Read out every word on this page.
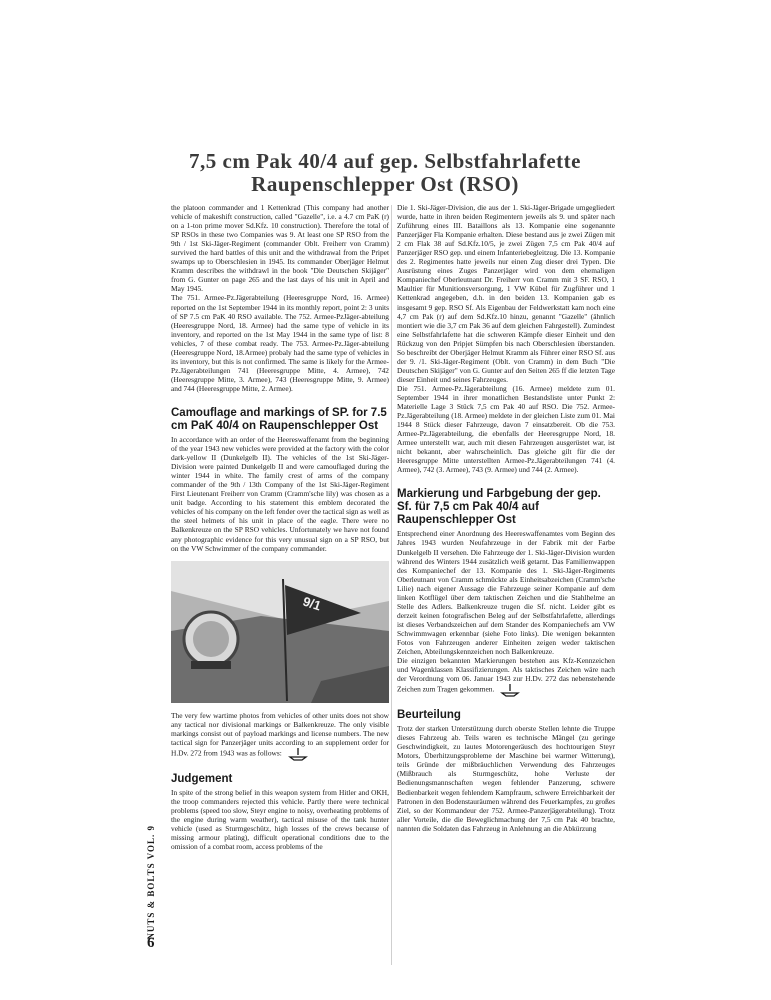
7,5 cm Pak 40/4 auf gep. Selbstfahrlafette
Raupenschlepper Ost (RSO)

the platoon commander and 1 Kettenkrad (This company had another vehicle of makeshift construction, called "Gazelle", i.e. a 4.7 cm PaK (r) on a 1-ton prime mover Sd.Kfz. 10 construction). Therefore the total of SP RSOs in these two Companies was 9. At least one SP RSO from the 9th / 1st Ski-Jäger-Regiment (commander Oblt. Freiherr von Cramm) survived the hard battles of this unit and the withdrawal from the Pripet swamps up to Oberschlesien in 1945. Its commander Oberjäger Helmut Kramm describes the withdrawl in the book "Die Deutschen Skijäger" from G. Gunter on page 265 and the last days of his unit in April and May 1945.

The 751. Armee-Pz.Jägerabteilung (Heeresgruppe Nord, 16. Armee) reported on the 1st September 1944 in its monthly report, point 2: 3 units of SP 7.5 cm PaK 40 RSO available. The 752. Armee-PzJäger-abteilung (Heeresgruppe Nord, 18. Armee) had the same type of vehicle in its inventory, and reported on the 1st May 1944 in the same type of list: 8 vehicles, 7 of these combat ready. The 753. Armee-Pz.Jäger-abteilung (Heeresgruppe Nord, 18.Armee) probaly had the same type of vehicles in its inventory, but this is not confirmed. The same is likely for the Armee-Pz.Jägerabteilungen 741 (Heeresgruppe Mitte, 4. Armee), 742 (Heeresgruppe Mitte, 3. Armee), 743 (Heeresgruppe Mitte, 9. Armee) and 744 (Heeresgruppe Mitte, 2. Armee).

Camouflage and markings of SP. for 7.5 cm PaK 40/4 on Raupenschlepper Ost

In accordance with an order of the Heereswaffenamt from the beginning of the year 1943 new vehicles were provided at the factory with the color dark-yellow II (Dunkelgelb II). The vehicles of the 1st Ski-Jäger-Division were painted Dunkelgelb II and were camouflaged during the winter 1944 in white. The family crest of arms of the company commander of the 9th / 13th Company of the 1st Ski-Jäger-Regiment First Lieutenant Freiherr von Cramm (Cramm'sche lily) was chosen as a unit badge. According to his statement this emblem decorated the vehicles of his company on the left fender over the tactical sign as well as the steel helmets of his unit in place of the eagle. There were no Balkenkreuze on the SP RSO vehicles. Unfortunately we have not found any photographic evidence for this very unusual sign on a SP RSO, but on the VW Schwimmer of the company commander.

9/1

The very few wartime photos from vehicles of other units does not show any tactical nor divisional markings or Balkenkreuze. The only visible markings consist out of payload markings and license numbers. The new tactical sign for Panzerjäger units according to an supplement order for H.Dv. 272 from 1943 was as follows:

Judgement

In spite of the strong belief in this weapon system from Hitler and OKH, the troop commanders rejected this vehicle. Partly there were technical problems (speed too slow, Steyr engine to noisy, overheating problems of the engine during warm weather), tactical misuse of the tank hunter vehicle (used as Sturmgeschütz, high losses of the crews because of missing armour plating), difficult operational conditions due to the omission of a combat room, access problems of the

Die 1. Ski-Jäger-Division, die aus der 1. Ski-Jäger-Brigade umgegliedert wurde, hatte in ihren beiden Regimentern jeweils als 9. und später nach Zuführung eines III. Bataillons als 13. Kompanie eine sogenannte Panzerjäger Fla Kompanie erhalten. Diese bestand aus je zwei Zügen mit 2 cm Flak 38 auf Sd.Kfz.10/5, je zwei Zügen 7,5 cm Pak 40/4 auf Panzerjäger RSO gep. und einem Infanteriebegleitzug. Die 13. Kompanie des 2. Regimentes hatte jeweils nur einen Zug dieser drei Typen. Die Ausrüstung eines Zuges Panzerjäger wird von dem ehemaligen Kompaniechef Oberleutnant Dr. Freiherr von Cramm mit 3 SF. RSO, 1 Maultier für Munitionsversorgung, 1 VW Kübel für Zugführer und 1 Kettenkrad angegeben, d.h. in den beiden 13. Kompanien gab es insgesamt 9 gep. RSO Sf. Als Eigenbau der Feldwerkstatt kam noch eine 4,7 cm Pak (r) auf dem Sd.Kfz.10 hinzu, genannt "Gazelle" (ähnlich montiert wie die 3,7 cm Pak 36 auf dem gleichen Fahrgestell). Zumindest eine Selbstfahrlafette hat die schweren Kämpfe dieser Einheit und den Rückzug von den Pripjet Sümpfen bis nach Oberschlesien überstanden. So beschreibt der Oberjäger Helmut Kramm als Führer einer RSO Sf. aus der 9. /1. Ski-Jäger-Regiment (Oblt. von Cramm) in dem Buch "Die Deutschen Skijäger" von G. Gunter auf den Seiten 265 ff die letzten Tage dieser Einheit und seines Fahrzeuges.

Die 751. Armee-Pz.Jägerabteilung (16. Armee) meldete zum 01. September 1944 in ihrer monatlichen Bestandsliste unter Punkt 2: Materielle Lage 3 Stück 7,5 cm Pak 40 auf RSO. Die 752. Armee-Pz.Jägerabteilung (18. Armee) meldete in der gleichen Liste zum 01. Mai 1944 8 Stück dieser Fahrzeuge, davon 7 einsatzbereit. Ob die 753. Armee-Pz.Jägerabteilung, die ebenfalls der Heeresgruppe Nord, 18. Armee unterstellt war, auch mit diesen Fahrzeugen ausgerüstet war, ist nicht bekannt, aber wahrscheinlich. Das gleiche gilt für die der Heeresgruppe Mitte unterstellten Armee-Pz.Jägerabteilungen 741 (4. Armee), 742 (3. Armee), 743 (9. Armee) und 744 (2. Armee).

Markierung und Farbgebung der gep. Sf. für 7,5 cm Pak 40/4 auf Raupenschlepper Ost

Entsprechend einer Anordnung des Heereswaffenamtes vom Beginn des Jahres 1943 wurden Neufahrzeuge in der Fabrik mit der Farbe Dunkelgelb II versehen. Die Fahrzeuge der 1. Ski-Jäger-Division wurden während des Winters 1944 zusätzlich weiß getarnt. Das Familienwappen des Kompaniechef der 13. Kompanie des 1. Ski-Jäger-Regiments Oberleutnant von Cramm schmückte als Einheitsabzeichen (Cramm'sche Lilie) nach eigener Aussage die Fahrzeuge seiner Kompanie auf dem linken Kotflügel über dem taktischen Zeichen und die Stahlhelme an Stelle des Adlers. Balkenkreuze trugen die Sf. nicht. Leider gibt es derzeit keinen fotografischen Beleg auf der Selbstfahrlafette, allerdings ist dieses Verbandszeichen auf dem Stander des Kompaniechefs am VW Schwimmwagen erkennbar (siehe Foto links). Die wenigen bekannten Fotos von Fahrzeugen anderer Einheiten zeigen weder taktischen Zeichen, Abteilungskennzeichen noch Balkenkreuze.

Die einzigen bekannten Markierungen bestehen aus Kfz-Kennzeichen und Wagenklassen Klassifizierungen. Als taktisches Zeichen wäre nach der Verordnung vom 06. Januar 1943 zur H.Dv. 272 das nebenstehende Zeichen zum Tragen gekommen.

Beurteilung

Trotz der starken Unterstützung durch oberste Stellen lehnte die Truppe dieses Fahrzeug ab. Teils waren es technische Mängel (zu geringe Geschwindigkeit, zu lautes Motorengeräusch des hochtourigen Steyr Motors, Überhitzungsprobleme der Maschine bei warmer Witterung), teils Gründe der mißbräuchlichen Verwendung des Fahrzeuges (Mißbrauch als Sturmgeschütz, hohe Verluste der Bedienungsmannschaften wegen fehlender Panzerung, schwere Bedienbarkeit wegen fehlendem Kampfraum, schwere Erreichbarkeit der Patronen in den Bodenstauräumen während des Feuerkampfes, zu großes Ziel, so der Kommandeur der 752. Armee-Panzerjägerabteilung). Trotz aller Vorteile, die die Beweglichmachung der 7,5 cm Pak 40 brachte, nannten die Soldaten das Fahrzeug in Anlehnung an die Abkürzung

NUTS & BOLTS VOL. 9
6
